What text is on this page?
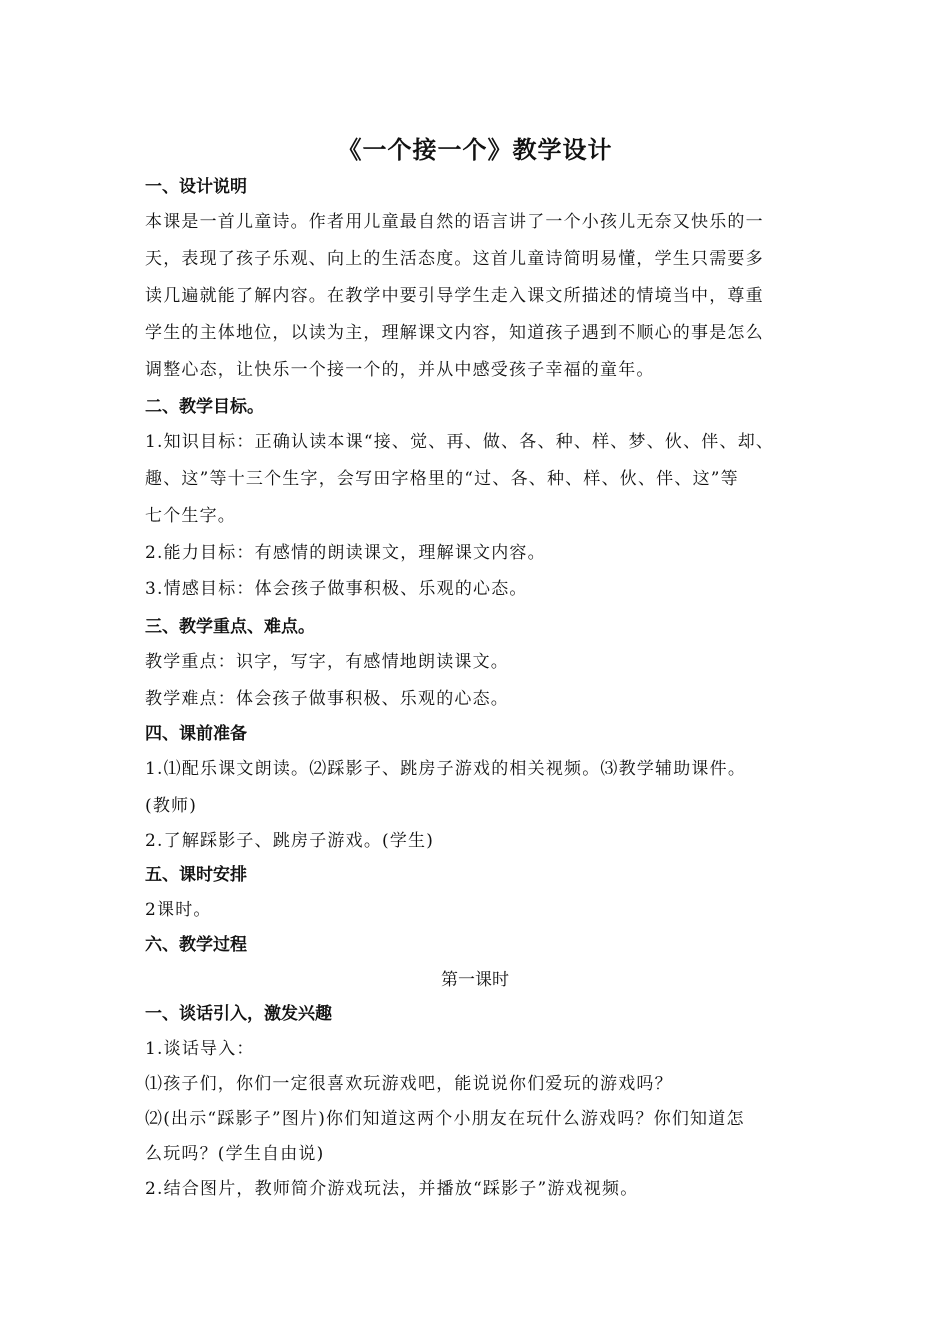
《一个接一个》教学设计
一、设计说明
本课是一首儿童诗。作者用儿童最自然的语言讲了一个小孩儿无奈又快乐的一
天，表现了孩子乐观、向上的生活态度。这首儿童诗简明易懂，学生只需要多
读几遍就能了解内容。在教学中要引导学生走入课文所描述的情境当中，尊重
学生的主体地位，以读为主，理解课文内容，知道孩子遇到不顺心的事是怎么
调整心态，让快乐一个接一个的，并从中感受孩子幸福的童年。
二、教学目标。
1.知识目标：正确认读本课“接、觉、再、做、各、种、样、梦、伙、伴、却、
趣、这”等十三个生字，会写田字格里的“过、各、种、样、伙、伴、这”等
七个生字。
2.能力目标：有感情的朗读课文，理解课文内容。
3.情感目标：体会孩子做事积极、乐观的心态。
三、教学重点、难点。
教学重点：识字，写字，有感情地朗读课文。
教学难点：体会孩子做事积极、乐观的心态。
四、课前准备
1.⑴配乐课文朗读。⑵踩影子、跳房子游戏的相关视频。⑶教学辅助课件。
(教师)
2.了解踩影子、跳房子游戏。(学生)
五、课时安排
2课时。
六、教学过程
第一课时
一、谈话引入，激发兴趣
1.谈话导入：
⑴孩子们，你们一定很喜欢玩游戏吧，能说说你们爱玩的游戏吗？
⑵(出示“踩影子”图片)你们知道这两个小朋友在玩什么游戏吗？你们知道怎
么玩吗？(学生自由说)
2.结合图片，教师简介游戏玩法，并播放“踩影子”游戏视频。
